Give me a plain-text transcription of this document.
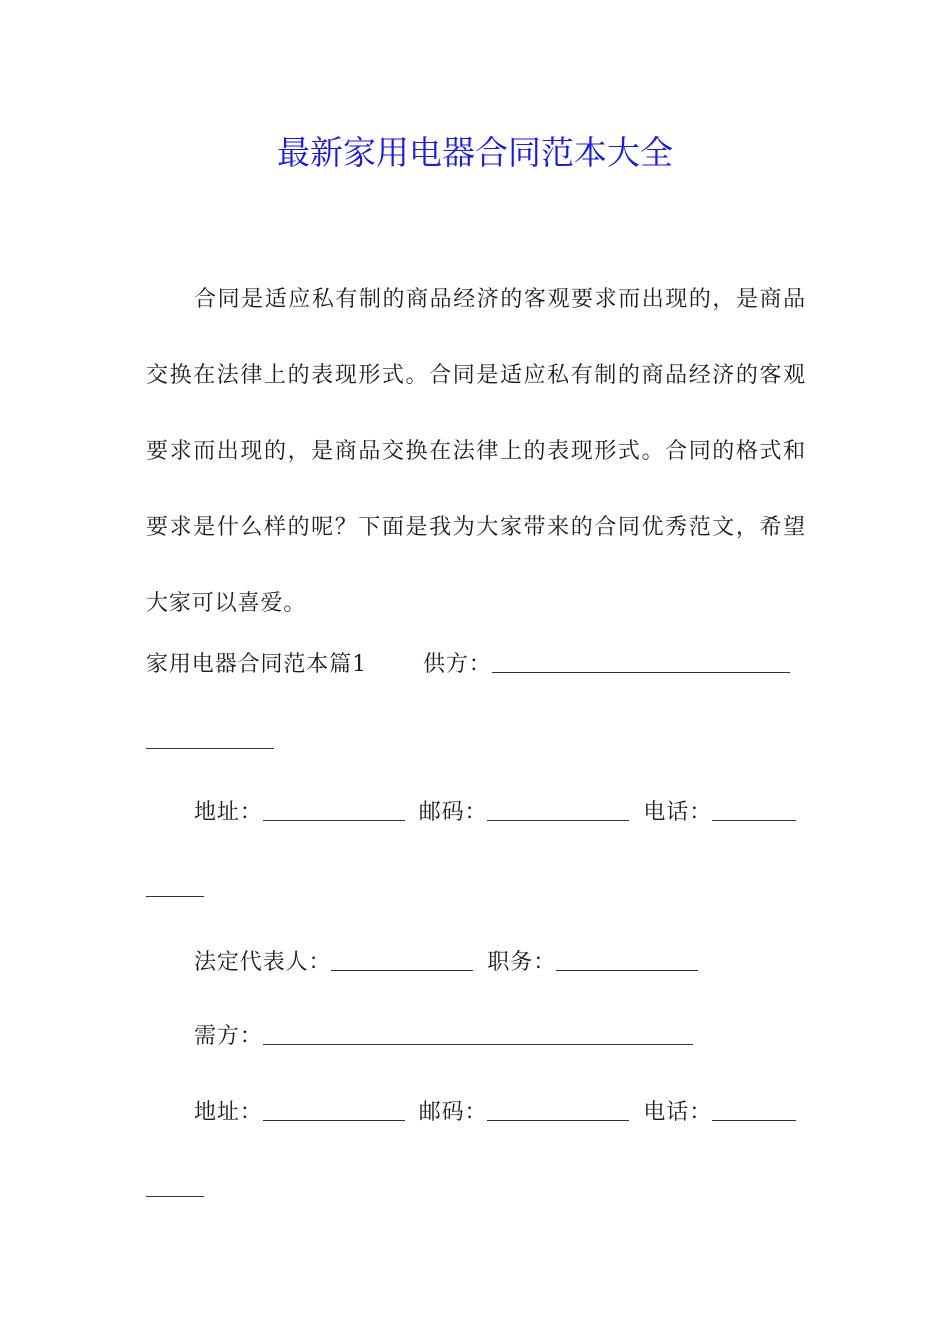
最新家用电器合同范本大全

合同是适应私有制的商品经济的客观要求而出现的，是商品交换在法律上的表现形式。合同是适应私有制的商品经济的客观要求而出现的，是商品交换在法律上的表现形式。合同的格式和要求是什么样的呢？下面是我为大家带来的合同优秀范文，希望大家可以喜爱。

家用电器合同范本篇1	供方：
地址：	邮码：	电话：
法定代表人：	职务：
需方：
地址：	邮码：	电话：
